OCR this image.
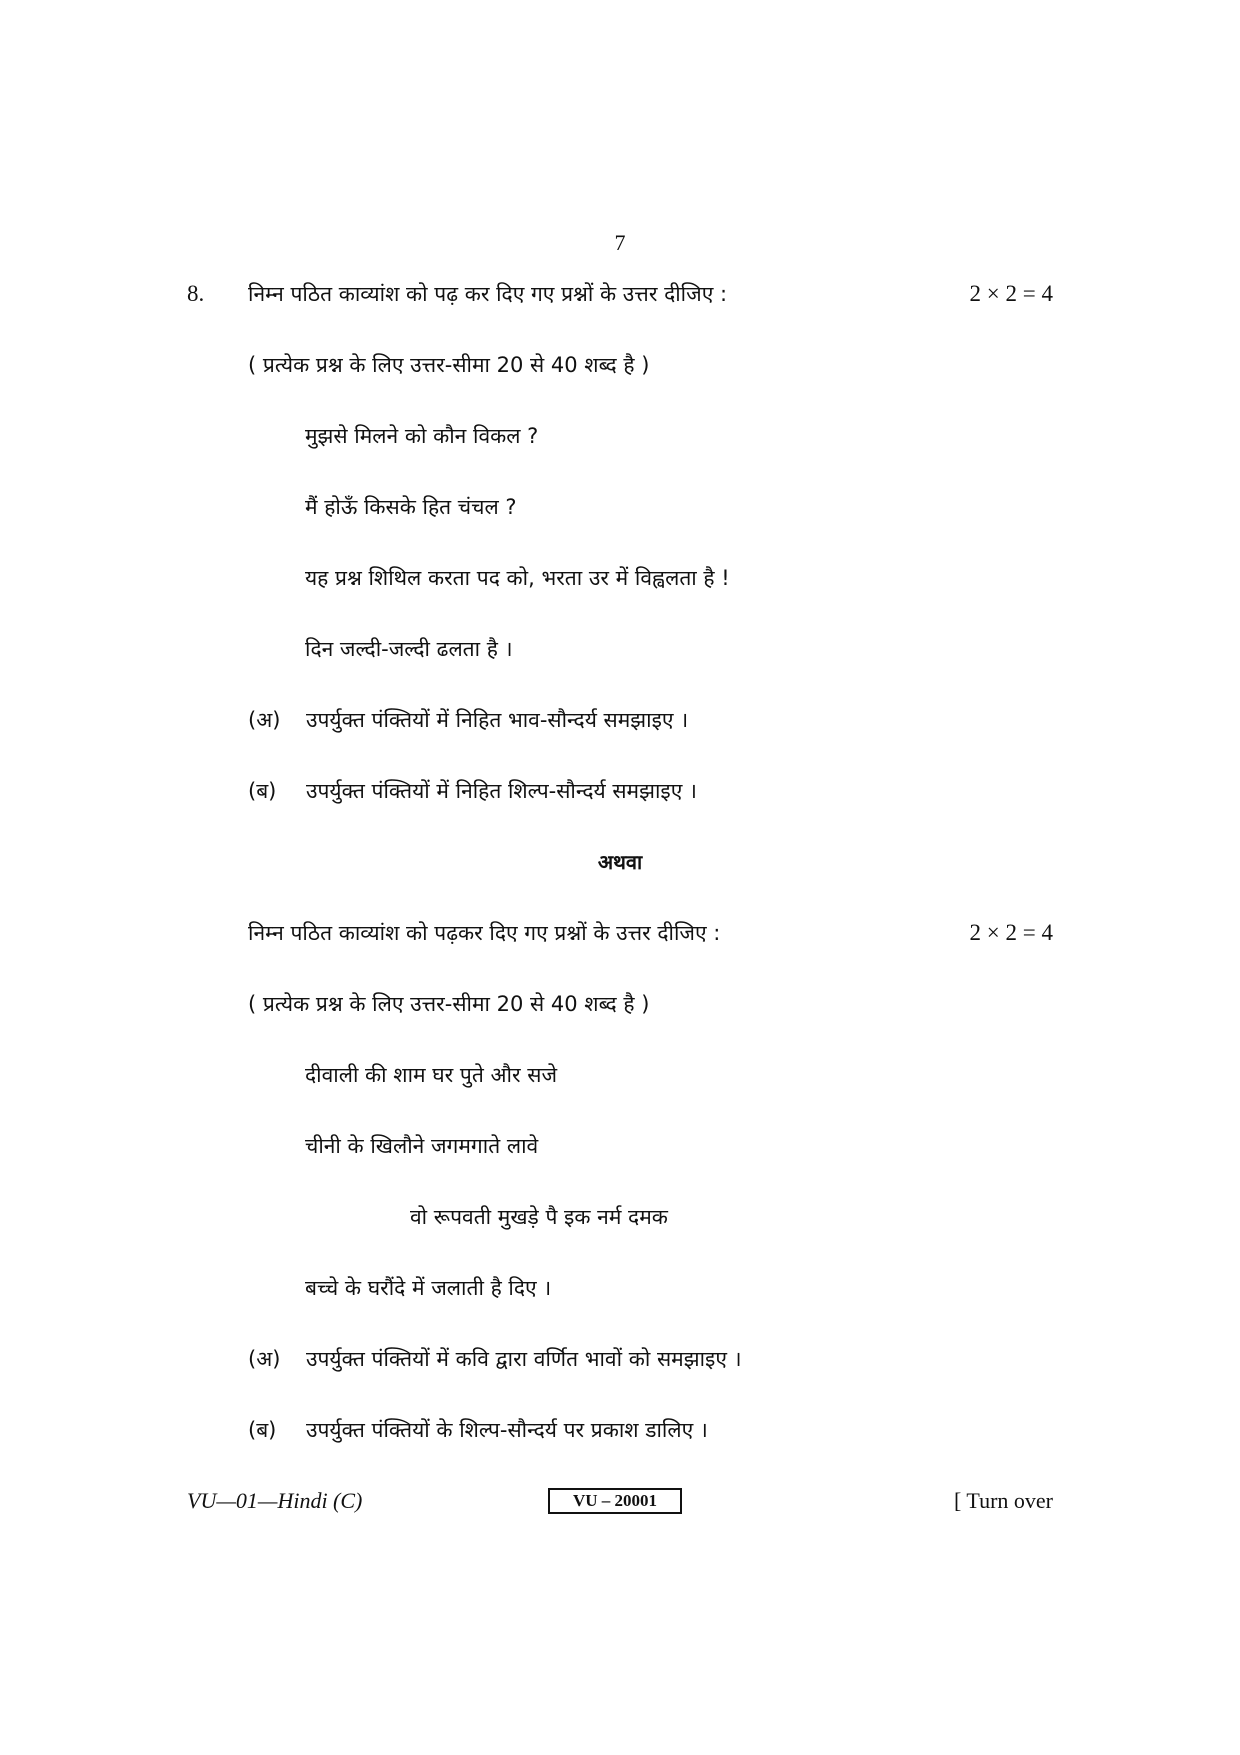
7
8. निम्न पठित काव्यांश को पढ़ कर दिए गए प्रश्नों के उत्तर दीजिए :	2 × 2 = 4
( प्रत्येक प्रश्न के लिए उत्तर-सीमा 20 से 40 शब्द है )
मुझसे मिलने को कौन विकल ?
मैं होऊँ किसके हित चंचल ?
यह प्रश्न शिथिल करता पद को, भरता उर में विह्वलता है !
दिन जल्दी-जल्दी ढलता है ।
(अ) उपर्युक्त पंक्तियों में निहित भाव-सौन्दर्य समझाइए ।
(ब) उपर्युक्त पंक्तियों में निहित शिल्प-सौन्दर्य समझाइए ।
अथवा
निम्न पठित काव्यांश को पढ़कर दिए गए प्रश्नों के उत्तर दीजिए :	2 × 2 = 4
( प्रत्येक प्रश्न के लिए उत्तर-सीमा 20 से 40 शब्द है )
दीवाली की शाम घर पुते और सजे
चीनी के खिलौने जगमगाते लावे
वो रूपवती मुखड़े पै इक नर्म दमक
बच्चे के घरौंदे में जलाती है दिए ।
(अ) उपर्युक्त पंक्तियों में कवि द्वारा वर्णित भावों को समझाइए ।
(ब) उपर्युक्त पंक्तियों के शिल्प-सौन्दर्य पर प्रकाश डालिए ।
VU—01—Hindi (C)	VU – 20001	[ Turn over
